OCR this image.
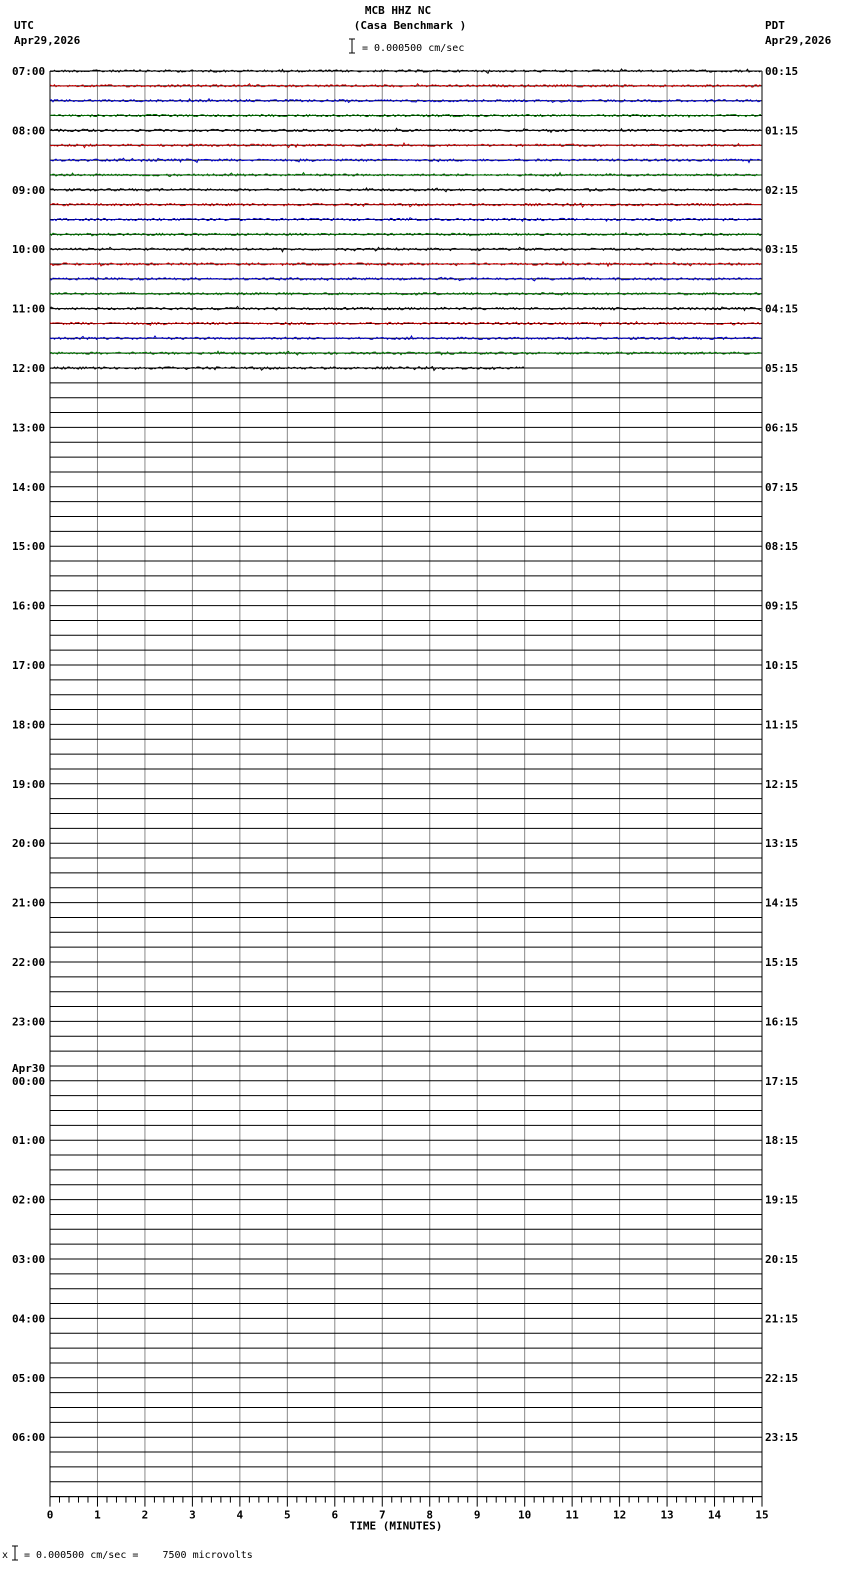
MCB HHZ NC
(Casa Benchmark )
UTC
Apr29,2026
PDT
Apr29,2026
= 0.000500 cm/sec
0	1	2	3	4	5	6	7	8	9	10	11	12	13	14	15
TIME (MINUTES)
07:00
08:00
09:00
10:00
11:00
12:00
13:00
14:00
15:00
16:00
17:00
18:00
19:00
20:00
21:00
22:00
23:00
00:00
Apr30
01:00
02:00
03:00
04:00
05:00
06:00
00:15
01:15
02:15
03:15
04:15
05:15
06:15
07:15
08:15
09:15
10:15
11:15
12:15
13:15
14:15
15:15
16:15
17:15
18:15
19:15
20:15
21:15
22:15
23:15
x = 0.000500 cm/sec =    7500 microvolts
